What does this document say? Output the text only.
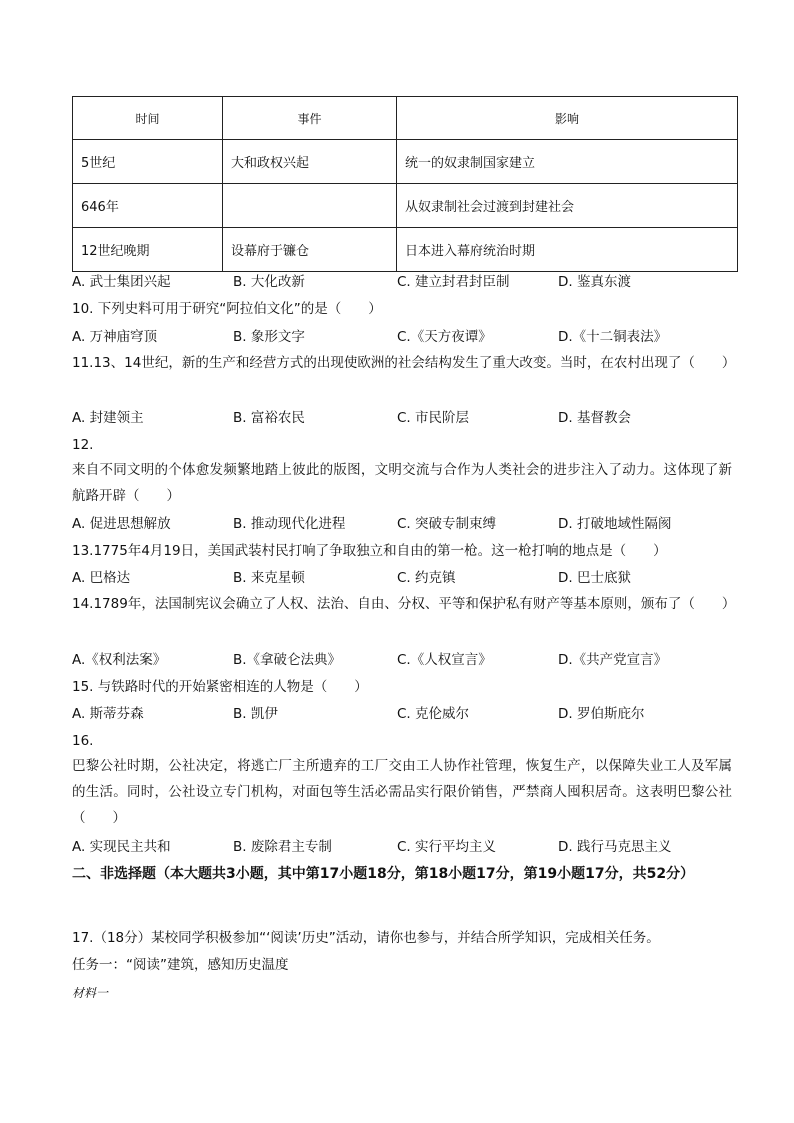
时间	事件	影响
5世纪	大和政权兴起	统一的奴隶制国家建立
646年		从奴隶制社会过渡到封建社会
12世纪晚期	设幕府于镰仓	日本进入幕府统治时期
A. 武士集团兴起	B. 大化改新	C. 建立封君封臣制	D. 鉴真东渡
10. 下列史料可用于研究“阿拉伯文化”的是（　　）
A. 万神庙穹顶	B. 象形文字	C.《天方夜谭》	D.《十二铜表法》
11.13、14世纪，新的生产和经营方式的出现使欧洲的社会结构发生了重大改变。当时，在农村出现了（　　）
A. 封建领主	B. 富裕农民	C. 市民阶层	D. 基督教会
12.
来自不同文明的个体愈发频繁地踏上彼此的版图，文明交流与合作为人类社会的进步注入了动力。这体现了新航路开辟（　　）
A. 促进思想解放	B. 推动现代化进程	C. 突破专制束缚	D. 打破地域性隔阂
13.1775年4月19日，美国武装村民打响了争取独立和自由的第一枪。这一枪打响的地点是（　　）
A. 巴格达	B. 来克星顿	C. 约克镇	D. 巴士底狱
14.1789年，法国制宪议会确立了人权、法治、自由、分权、平等和保护私有财产等基本原则，颁布了（　　）
A.《权利法案》	B.《拿破仑法典》	C.《人权宣言》	D.《共产党宣言》
15. 与铁路时代的开始紧密相连的人物是（　　）
A. 斯蒂芬森	B. 凯伊	C. 克伦威尔	D. 罗伯斯庇尔
16.
巴黎公社时期，公社决定，将逃亡厂主所遗弃的工厂交由工人协作社管理，恢复生产，以保障失业工人及军属的生活。同时，公社设立专门机构，对面包等生活必需品实行限价销售，严禁商人囤积居奇。这表明巴黎公社（　　）
A. 实现民主共和	B. 废除君主专制	C. 实行平均主义	D. 践行马克思主义
二、非选择题（本大题共3小题，其中第17小题18分，第18小题17分，第19小题17分，共52分）
17.（18分）某校同学积极参加“‘阅读’历史”活动，请你也参与，并结合所学知识，完成相关任务。
任务一：“阅读”建筑，感知历史温度
材料一
